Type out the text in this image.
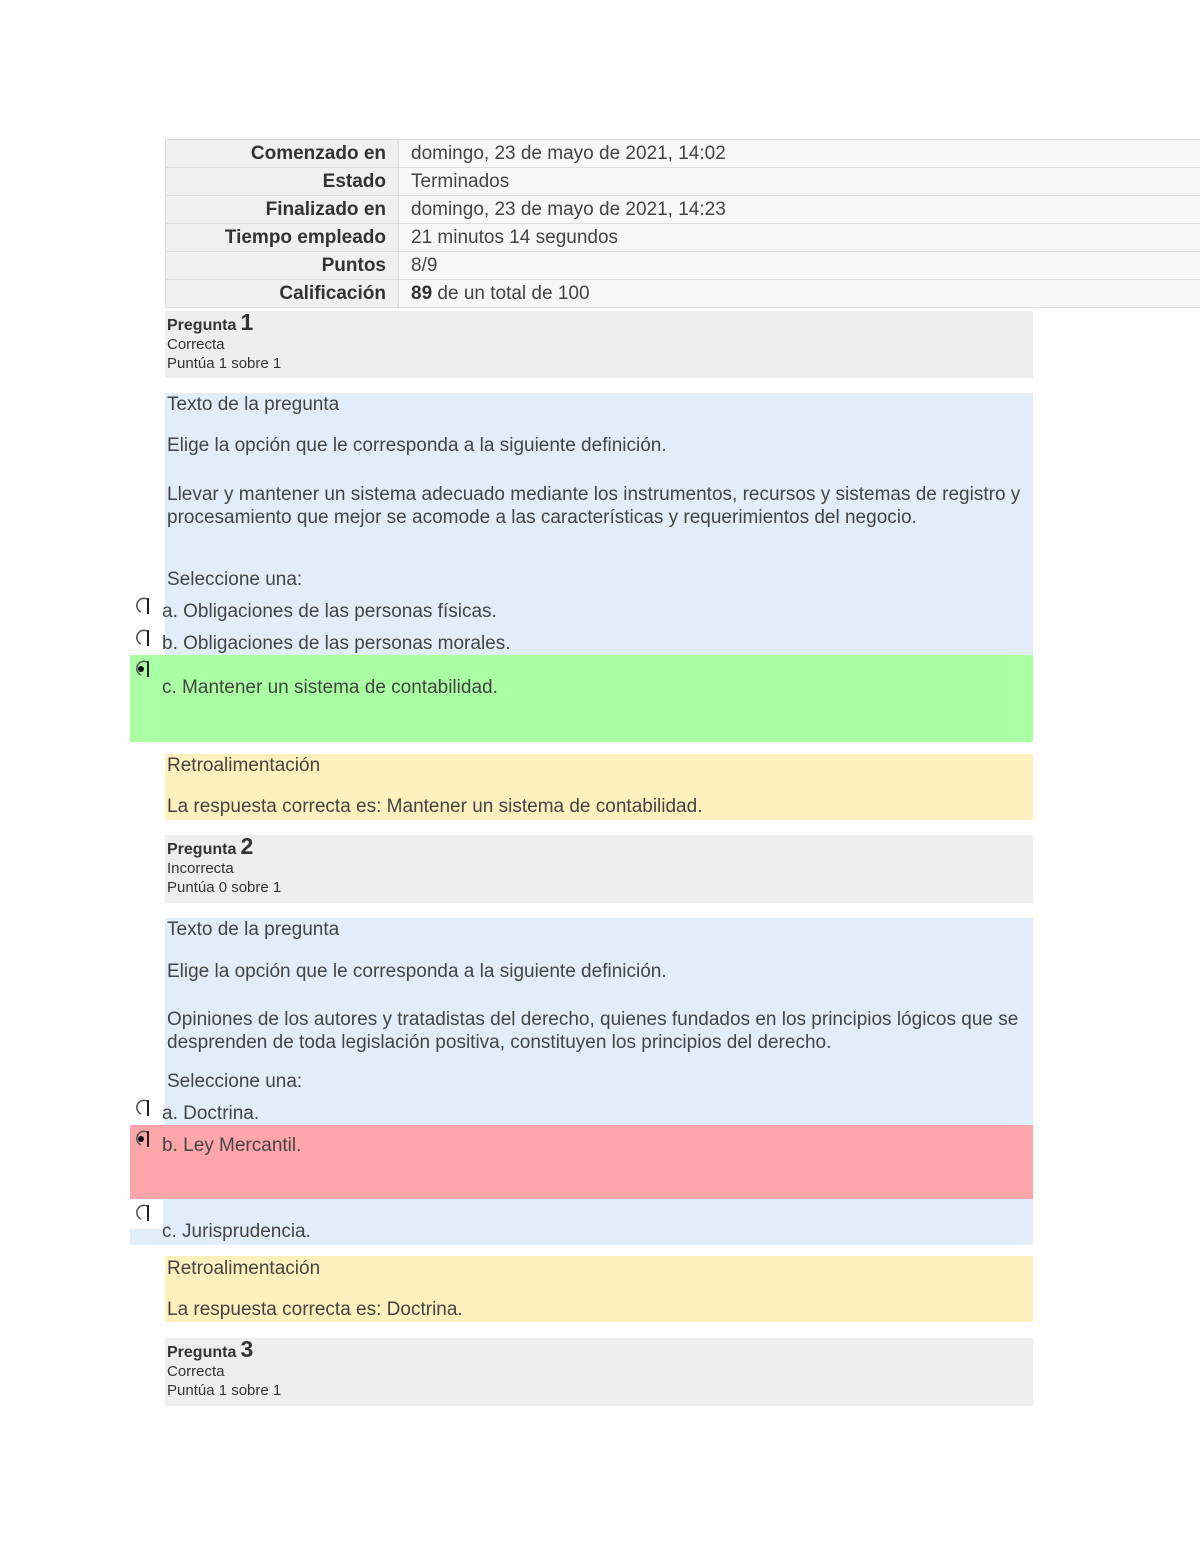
Comenzado en	domingo, 23 de mayo de 2021, 14:02
Estado	Terminados
Finalizado en	domingo, 23 de mayo de 2021, 14:23
Tiempo empleado	21 minutos 14 segundos
Puntos	8/9
Calificación	89 de un total de 100
Pregunta 1
Correcta
Puntúa 1 sobre 1
Texto de la pregunta
Elige la opción que le corresponda a la siguiente definición.
Llevar y mantener un sistema adecuado mediante los instrumentos, recursos y sistemas de registro y procesamiento que mejor se acomode a las características y requerimientos del negocio.
Seleccione una:
a. Obligaciones de las personas físicas.
b. Obligaciones de las personas morales.
c. Mantener un sistema de contabilidad.
Retroalimentación
La respuesta correcta es: Mantener un sistema de contabilidad.
Pregunta 2
Incorrecta
Puntúa 0 sobre 1
Texto de la pregunta
Elige la opción que le corresponda a la siguiente definición.
Opiniones de los autores y tratadistas del derecho, quienes fundados en los principios lógicos que se desprenden de toda legislación positiva, constituyen los principios del derecho.
Seleccione una:
a. Doctrina.
b. Ley Mercantil.
c. Jurisprudencia.
Retroalimentación
La respuesta correcta es: Doctrina.
Pregunta 3
Correcta
Puntúa 1 sobre 1
